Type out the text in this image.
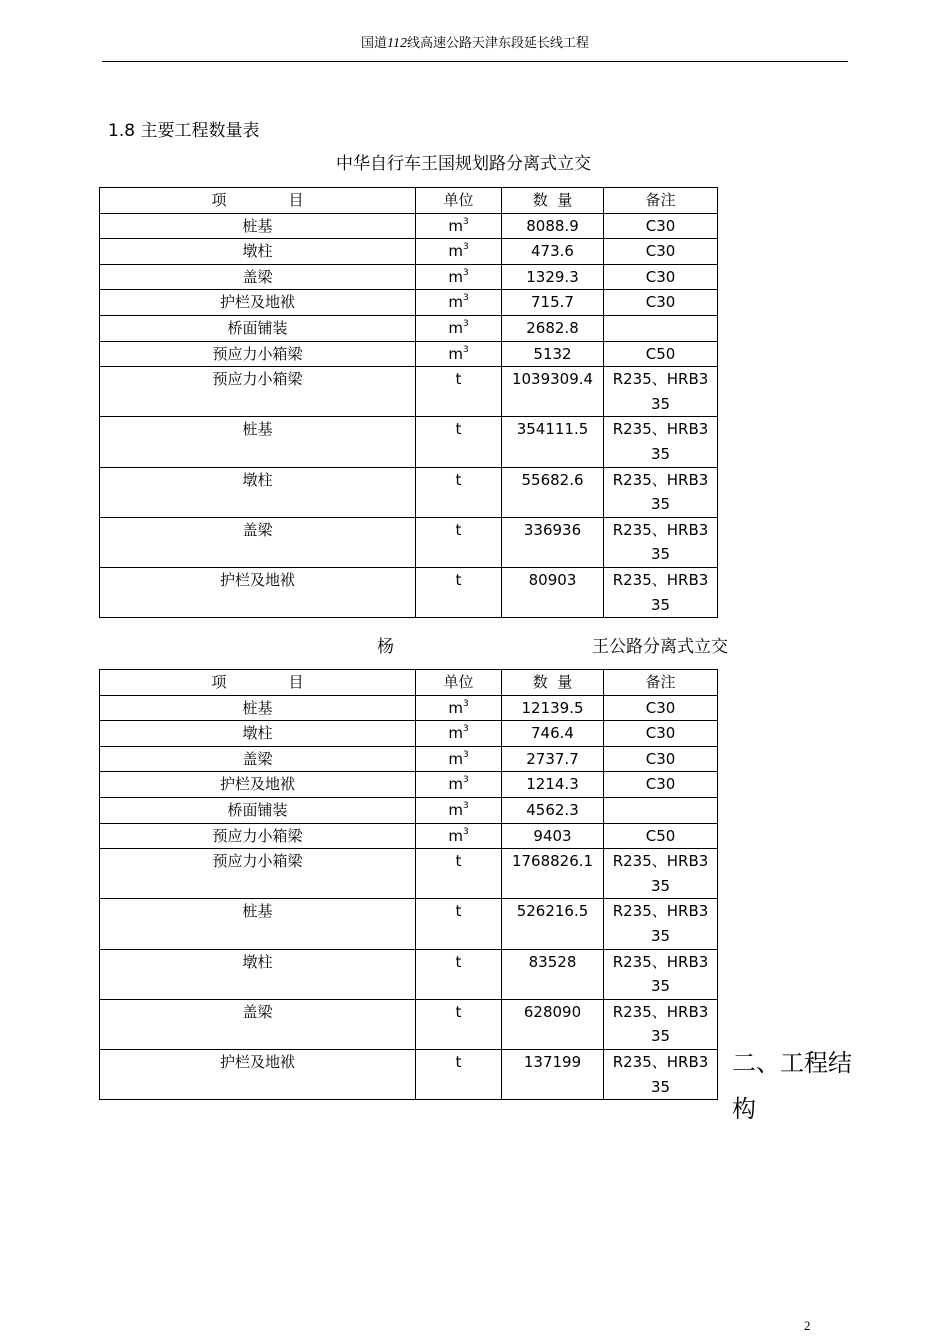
国道112线高速公路天津东段延长线工程
1.8 主要工程数量表
中华自行车王国规划路分离式立交
项 目	单位	数  量	备注
桩基	$m^3$	8088.9	C30
墩柱	$m^3$	473.6	C30
盖梁	$m^3$	1329.3	C30
护栏及地袱	$m^3$	715.7	C30
桥面铺装	$m^3$	2682.8	
预应力小箱梁	$m^3$	5132	C50
预应力小箱梁	t	1039309.4	R235、HRB335
桩基	t	354111.5	R235、HRB335
墩柱	t	55682.6	R235、HRB335
盖梁	t	336936	R235、HRB335
护栏及地袱	t	80903	R235、HRB335
杨	王公路分离式立交
项 目	单位	数  量	备注
桩基	$m^3$	12139.5	C30
墩柱	$m^3$	746.4	C30
盖梁	$m^3$	2737.7	C30
护栏及地袱	$m^3$	1214.3	C30
桥面铺装	$m^3$	4562.3	
预应力小箱梁	$m^3$	9403	C50
预应力小箱梁	t	1768826.1	R235、HRB335
桩基	t	526216.5	R235、HRB335
墩柱	t	83528	R235、HRB335
盖梁	t	628090	R235、HRB335
护栏及地袱	t	137199	R235、HRB335
二、工程结构
2
